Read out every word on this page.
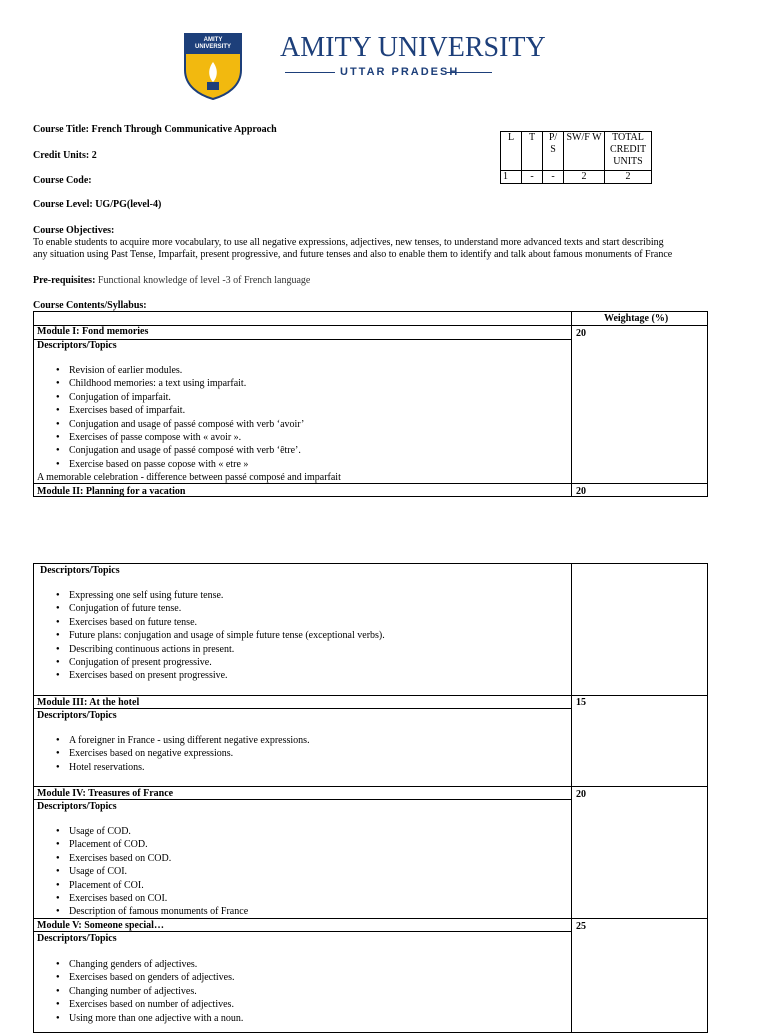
AMITY UNIVERSITY AMITY UNIVERSITY
UTTAR PRADESH
Course Title: French Through Communicative Approach
Credit Units: 2
Course Code:
Course Level: UG/PG(level-4)
Course Objectives:
To enable students to acquire more vocabulary, to use all negative expressions, adjectives, new tenses, to understand more advanced texts and start describing
any situation using Past Tense, Imparfait, present progressive, and future tenses and also to enable them to identify and talk about famous monuments of France
Pre-requisites: Functional knowledge of level -3 of French language
Course Contents/Syllabus:
L	T	P/ S	SW/F W	TOTAL CREDIT UNITS
1	-	-	2	2
Weightage (%)
Module I: Fond memories	20
Descriptors/Topics
● Revision of earlier modules.
● Childhood memories: a text using imparfait.
● Conjugation of imparfait.
● Exercises based of imparfait.
● Conjugation and usage of passé composé with verb ‘avoir’
● Exercises of passe compose with « avoir ».
● Conjugation and usage of passé composé with verb ‘être’.
● Exercise based on passe copose with « etre »
A memorable celebration - difference between passé composé and imparfait
Module II: Planning for a vacation	20
Descriptors/Topics
● Expressing one self using future tense.
● Conjugation of future tense.
● Exercises based on future tense.
● Future plans: conjugation and usage of simple future tense (exceptional verbs).
● Describing continuous actions in present.
● Conjugation of present progressive.
● Exercises based on present progressive.
Module III: At the hotel	15
Descriptors/Topics
● A foreigner in France - using different negative expressions.
● Exercises based on negative expressions.
● Hotel reservations.
Module IV: Treasures of France	20
Descriptors/Topics
● Usage of COD.
● Placement of COD.
● Exercises based on COD.
● Usage of COI.
● Placement of COI.
● Exercises based on COI.
● Description of famous monuments of France
Module V: Someone special…	25
Descriptors/Topics
● Changing genders of adjectives.
● Exercises based on genders of adjectives.
● Changing number of adjectives.
● Exercises based on number of adjectives.
● Using more than one adjective with a noun.
